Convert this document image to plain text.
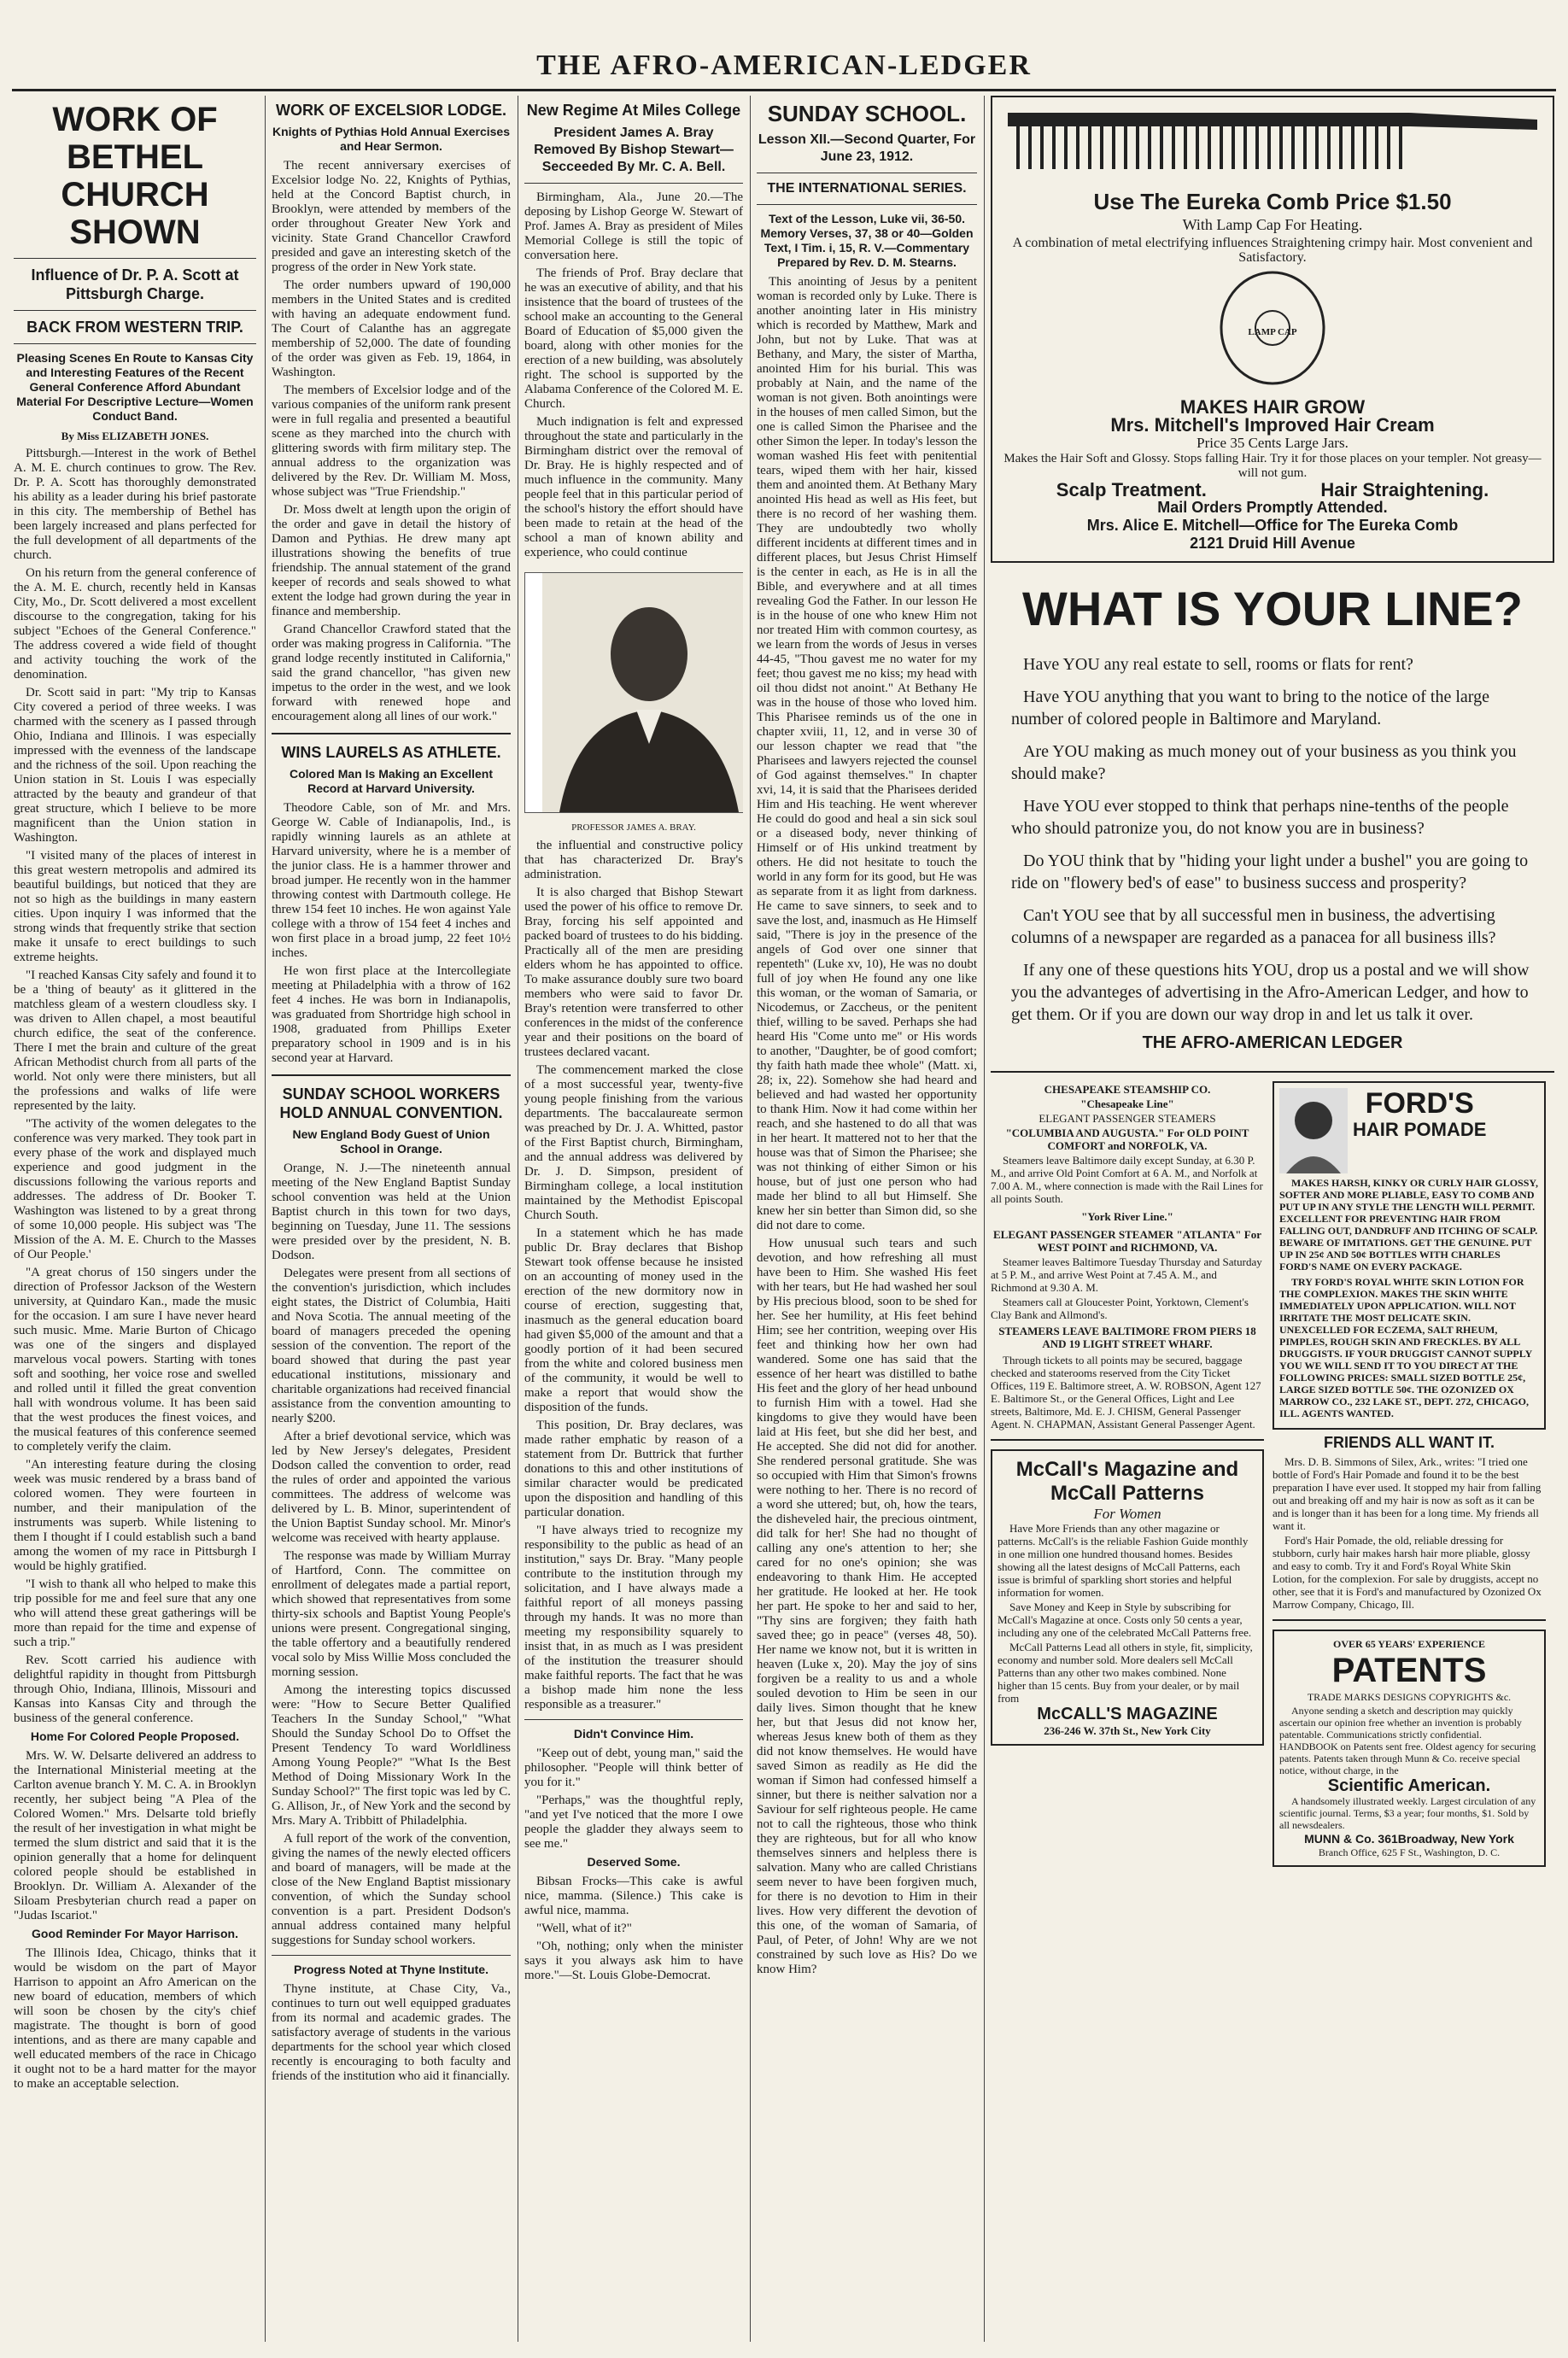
THE AFRO-AMERICAN-LEDGER

WORK OF BETHEL CHURCH SHOWN

Influence of Dr. P. A. Scott at Pittsburgh Charge.

BACK FROM WESTERN TRIP.

Pleasing Scenes En Route to Kansas City and Interesting Features of the Recent General Conference Afford Abundant Material For Descriptive Lecture—Women Conduct Band.

By Miss ELIZABETH JONES.

Pittsburgh.—Interest in the work of Bethel A. M. E. church continues to grow. The Rev. Dr. P. A. Scott has thoroughly demonstrated his ability as a leader during his brief pastorate in this city. The membership of Bethel has been largely increased and plans perfected for the full development of all departments of the church.

On his return from the general conference of the A. M. E. church, recently held in Kansas City, Mo., Dr. Scott delivered a most excellent discourse to the congregation, taking for his subject "Echoes of the General Conference." The address covered a wide field of thought and activity touching the work of the denomination.

Dr. Scott said in part: "My trip to Kansas City covered a period of three weeks. I was charmed with the scenery as I passed through Ohio, Indiana and Illinois. I was especially impressed with the evenness of the landscape and the richness of the soil. Upon reaching the Union station in St. Louis I was especially attracted by the beauty and grandeur of that great structure, which I believe to be more magnificent than the Union station in Washington.

"I visited many of the places of interest in this great western metropolis and admired its beautiful buildings, but noticed that they are not so high as the buildings in many eastern cities. Upon inquiry I was informed that the strong winds that frequently strike that section make it unsafe to erect buildings to such extreme heights.

"I reached Kansas City safely and found it to be a 'thing of beauty' as it glittered in the matchless gleam of a western cloudless sky. I was driven to Allen chapel, a most beautiful church edifice, the seat of the conference. There I met the brain and culture of the great African Methodist church from all parts of the world. Not only were there ministers, but all the professions and walks of life were represented by the laity.

"The activity of the women delegates to the conference was very marked. They took part in every phase of the work and displayed much experience and good judgment in the discussions following the various reports and addresses. The address of Dr. Booker T. Washington was listened to by a great throng of some 10,000 people. His subject was 'The Mission of the A. M. E. Church to the Masses of Our People.'

"A great chorus of 150 singers under the direction of Professor Jackson of the Western university, at Quindaro Kan., made the music for the occasion. I am sure I have never heard such music. Mme. Marie Burton of Chicago was one of the singers and displayed marvelous vocal powers. Starting with tones soft and soothing, her voice rose and swelled and rolled until it filled the great convention hall with wondrous volume. It has been said that the west produces the finest voices, and the musical features of this conference seemed to completely verify the claim.

"An interesting feature during the closing week was music rendered by a brass band of colored women. They were fourteen in number, and their manipulation of the instruments was superb. While listening to them I thought if I could establish such a band among the women of my race in Pittsburgh I would be highly gratified.

"I wish to thank all who helped to make this trip possible for me and feel sure that any one who will attend these great gatherings will be more than repaid for the time and expense of such a trip."

Rev. Scott carried his audience with delightful rapidity in thought from Pittsburgh through Ohio, Indiana, Illinois, Missouri and Kansas into Kansas City and through the business of the general conference.

Home For Colored People Proposed.

Mrs. W. W. Delsarte delivered an address to the International Ministerial meeting at the Carlton avenue branch Y. M. C. A. in Brooklyn recently, her subject being "A Plea of the Colored Women." Mrs. Delsarte told briefly the result of her investigation in what might be termed the slum district and said that it is the opinion generally that a home for delinquent colored people should be established in Brooklyn. Dr. William A. Alexander of the Siloam Presbyterian church read a paper on "Judas Iscariot."

Good Reminder For Mayor Harrison.

The Illinois Idea, Chicago, thinks that it would be wisdom on the part of Mayor Harrison to appoint an Afro American on the new board of education, members of which will soon be chosen by the city's chief magistrate. The thought is born of good intentions, and as there are many capable and well educated members of the race in Chicago it ought not to be a hard matter for the mayor to make an acceptable selection.

WORK OF EXCELSIOR LODGE.

Knights of Pythias Hold Annual Exercises and Hear Sermon.

The recent anniversary exercises of Excelsior lodge No. 22, Knights of Pythias, held at the Concord Baptist church, in Brooklyn, were attended by members of the order throughout Greater New York and vicinity. State Grand Chancellor Crawford presided and gave an interesting sketch of the progress of the order in New York state.

The order numbers upward of 190,000 members in the United States and is credited with having an adequate endowment fund. The Court of Calanthe has an aggregate membership of 52,000. The date of founding of the order was given as Feb. 19, 1864, in Washington.

The members of Excelsior lodge and of the various companies of the uniform rank present were in full regalia and presented a beautiful scene as they marched into the church with glittering swords with firm military step. The annual address to the organization was delivered by the Rev. Dr. William M. Moss, whose subject was "True Friendship."

Dr. Moss dwelt at length upon the origin of the order and gave in detail the history of Damon and Pythias. He drew many apt illustrations showing the benefits of true friendship. The annual statement of the grand keeper of records and seals showed to what extent the lodge had grown during the year in finance and membership.

Grand Chancellor Crawford stated that the order was making progress in California. "The grand lodge recently instituted in California," said the grand chancellor, "has given new impetus to the order in the west, and we look forward with renewed hope and encouragement along all lines of our work."

WINS LAURELS AS ATHLETE.

Colored Man Is Making an Excellent Record at Harvard University.

Theodore Cable, son of Mr. and Mrs. George W. Cable of Indianapolis, Ind., is rapidly winning laurels as an athlete at Harvard university, where he is a member of the junior class. He is a hammer thrower and broad jumper. He recently won in the hammer throwing contest with Dartmouth college. He threw 154 feet 10 inches. He won against Yale college with a throw of 154 feet 4 inches and won first place in a broad jump, 22 feet 10½ inches.

He won first place at the Intercollegiate meeting at Philadelphia with a throw of 162 feet 4 inches. He was born in Indianapolis, was graduated from Shortridge high school in 1908, graduated from Phillips Exeter preparatory school in 1909 and is in his second year at Harvard.

SUNDAY SCHOOL WORKERS HOLD ANNUAL CONVENTION.

New England Body Guest of Union School in Orange.

Orange, N. J.—The nineteenth annual meeting of the New England Baptist Sunday school convention was held at the Union Baptist church in this town for two days, beginning on Tuesday, June 11. The sessions were presided over by the president, N. B. Dodson.

Delegates were present from all sections of the convention's jurisdiction, which includes eight states, the District of Columbia, Haiti and Nova Scotia. The annual meeting of the board of managers preceded the opening session of the convention. The report of the board showed that during the past year educational institutions, missionary and charitable organizations had received financial assistance from the convention amounting to nearly $200.

After a brief devotional service, which was led by New Jersey's delegates, President Dodson called the convention to order, read the rules of order and appointed the various committees. The address of welcome was delivered by L. B. Minor, superintendent of the Union Baptist Sunday school. Mr. Minor's welcome was received with hearty applause.

The response was made by William Murray of Hartford, Conn. The committee on enrollment of delegates made a partial report, which showed that representatives from some thirty-six schools and Baptist Young People's unions were present. Congregational singing, the table offertory and a beautifully rendered vocal solo by Miss Willie Moss concluded the morning session.

Among the interesting topics discussed were: "How to Secure Better Qualified Teachers In the Sunday School," "What Should the Sunday School Do to Offset the Present Tendency To ward Worldliness Among Young People?" "What Is the Best Method of Doing Missionary Work In the Sunday School?" The first topic was led by C. G. Allison, Jr., of New York and the second by Mrs. Mary A. Tribbitt of Philadelphia.

A full report of the work of the convention, giving the names of the newly elected officers and board of managers, will be made at the close of the New England Baptist missionary convention, of which the Sunday school convention is a part. President Dodson's annual address contained many helpful suggestions for Sunday school workers.

Progress Noted at Thyne Institute.

Thyne institute, at Chase City, Va., continues to turn out well equipped graduates from its normal and academic grades. The satisfactory average of students in the various departments for the school year which closed recently is encouraging to both faculty and friends of the institution who aid it financially.

New Regime At Miles College

President James A. Bray Removed By Bishop Stewart—Secceeded By Mr. C. A. Bell.

Birmingham, Ala., June 20.—The deposing by Lishop George W. Stewart of Prof. James A. Bray as president of Miles Memorial College is still the topic of conversation here.

The friends of Prof. Bray declare that he was an executive of ability, and that his insistence that the board of trustees of the school make an accounting to the General Board of Education of $5,000 given the board, along with other monies for the erection of a new building, was absolutely right. The school is supported by the Alabama Conference of the Colored M. E. Church.

Much indignation is felt and expressed throughout the state and particularly in the Birmingham district over the removal of Dr. Bray. He is highly respected and of much influence in the community. Many people feel that in this particular period of the school's history the effort should have been made to retain at the head of the school a man of known ability and experience, who could continue

PROFESSOR JAMES A. BRAY.

the influential and constructive policy that has characterized Dr. Bray's administration.

It is also charged that Bishop Stewart used the power of his office to remove Dr. Bray, forcing his self appointed and packed board of trustees to do his bidding. Practically all of the men are presiding elders whom he has appointed to office. To make assurance doubly sure two board members who were said to favor Dr. Bray's retention were transferred to other conferences in the midst of the conference year and their positions on the board of trustees declared vacant.

The commencement marked the close of a most successful year, twenty-five young people finishing from the various departments. The baccalaureate sermon was preached by Dr. J. A. Whitted, pastor of the First Baptist church, Birmingham, and the annual address was delivered by Dr. J. D. Simpson, president of Birmingham college, a local institution maintained by the Methodist Episcopal Church South.

In a statement which he has made public Dr. Bray declares that Bishop Stewart took offense because he insisted on an accounting of money used in the erection of the new dormitory now in course of erection, suggesting that, inasmuch as the general education board had given $5,000 of the amount and that a goodly portion of it had been secured from the white and colored business men of the community, it would be well to make a report that would show the disposition of the funds.

This position, Dr. Bray declares, was made rather emphatic by reason of a statement from Dr. Buttrick that further donations to this and other institutions of similar character would be predicated upon the disposition and handling of this particular donation.

"I have always tried to recognize my responsibility to the public as head of an institution," says Dr. Bray. "Many people contribute to the institution through my solicitation, and I have always made a faithful report of all moneys passing through my hands. It was no more than meeting my responsibility squarely to insist that, in as much as I was president of the institution the treasurer should make faithful reports. The fact that he was a bishop made him none the less responsible as a treasurer."

Didn't Convince Him.

"Keep out of debt, young man," said the philosopher. "People will think better of you for it."

"Perhaps," was the thoughtful reply, "and yet I've noticed that the more I owe people the gladder they always seem to see me."

Deserved Some.

Bibsan Frocks—This cake is awful nice, mamma. (Silence.) This cake is awful nice, mamma.

"Well, what of it?"

"Oh, nothing; only when the minister says it you always ask him to have more."—St. Louis Globe-Democrat.

SUNDAY SCHOOL.

Lesson XII.—Second Quarter, For June 23, 1912.

THE INTERNATIONAL SERIES.

Text of the Lesson, Luke vii, 36-50. Memory Verses, 37, 38 or 40—Golden Text, I Tim. i, 15, R. V.—Commentary Prepared by Rev. D. M. Stearns.

This anointing of Jesus by a penitent woman is recorded only by Luke. There is another anointing later in His ministry which is recorded by Matthew, Mark and John, but not by Luke. That was at Bethany, and Mary, the sister of Martha, anointed Him for his burial. This was probably at Nain, and the name of the woman is not given. Both anointings were in the houses of men called Simon, but the one is called Simon the Pharisee and the other Simon the leper. In today's lesson the woman washed His feet with penitential tears, wiped them with her hair, kissed them and anointed them. At Bethany Mary anointed His head as well as His feet, but there is no record of her washing them. They are undoubtedly two wholly different incidents at different times and in different places, but Jesus Christ Himself is the center in each, as He is in all the Bible, and everywhere and at all times revealing God the Father. In our lesson He is in the house of one who knew Him not nor treated Him with common courtesy, as we learn from the words of Jesus in verses 44-45, "Thou gavest me no water for my feet; thou gavest me no kiss; my head with oil thou didst not anoint." At Bethany He was in the house of those who loved him. This Pharisee reminds us of the one in chapter xviii, 11, 12, and in verse 30 of our lesson chapter we read that "the Pharisees and lawyers rejected the counsel of God against themselves." In chapter xvi, 14, it is said that the Pharisees derided Him and His teaching. He went wherever He could do good and heal a sin sick soul or a diseased body, never thinking of Himself or of His unkind treatment by others. He did not hesitate to touch the world in any form for its good, but He was as separate from it as light from darkness. He came to save sinners, to seek and to save the lost, and, inasmuch as He Himself said, "There is joy in the presence of the angels of God over one sinner that repenteth" (Luke xv, 10), He was no doubt full of joy when He found any one like this woman, or the woman of Samaria, or Nicodemus, or Zaccheus, or the penitent thief, willing to be saved. Perhaps she had heard His "Come unto me" or His words to another, "Daughter, be of good comfort; thy faith hath made thee whole" (Matt. xi, 28; ix, 22). Somehow she had heard and believed and had wasted her opportunity to thank Him. Now it had come within her reach, and she hastened to do all that was in her heart. It mattered not to her that the house was that of Simon the Pharisee; she was not thinking of either Simon or his house, but of just one person who had made her blind to all but Himself. She knew her sin better than Simon did, so she did not dare to come.

How unusual such tears and such devotion, and how refreshing all must have been to Him. She washed His feet with her tears, but He had washed her soul by His precious blood, soon to be shed for her. See her humility, at His feet behind Him; see her contrition, weeping over His feet and thinking how her own had wandered. Some one has said that the essence of her heart was distilled to bathe His feet and the glory of her head unbound to furnish Him with a towel. Had she kingdoms to give they would have been laid at His feet, but she did her best, and He accepted. She did not did for another. She rendered personal gratitude. She was so occupied with Him that Simon's frowns were nothing to her. There is no record of a word she uttered; but, oh, how the tears, the disheveled hair, the precious ointment, did talk for her! She had no thought of calling any one's attention to her; she cared for no one's opinion; she was endeavoring to thank Him. He accepted her gratitude. He looked at her. He took her part. He spoke to her and said to her, "Thy sins are forgiven; they faith hath saved thee; go in peace" (verses 48, 50). Her name we know not, but it is written in heaven (Luke x, 20). May the joy of sins forgiven be a reality to us and a whole souled devotion to Him be seen in our daily lives. Simon thought that he knew her, but that Jesus did not know her, whereas Jesus knew both of them as they did not know themselves. He would have saved Simon as readily as He did the woman if Simon had confessed himself a sinner, but there is neither salvation nor a Saviour for self righteous people. He came not to call the righteous, those who think they are righteous, but for all who know themselves sinners and helpless there is salvation. Many who are called Christians seem never to have been forgiven much, for there is no devotion to Him in their lives. How very different the devotion of this one, of the woman of Samaria, of Paul, of Peter, of John! Why are we not constrained by such love as His? Do we know Him?

Use The Eureka Comb Price $1.50

With Lamp Cap For Heating.

A combination of metal electrifying influences Straightening crimpy hair. Most convenient and Satisfactory.

LAMP CAP

MAKES HAIR GROW

Mrs. Mitchell's Improved Hair Cream

Price 35 Cents Large Jars.

Makes the Hair Soft and Glossy. Stops falling Hair. Try it for those places on your templer. Not greasy—will not gum.

Scalp Treatment.	Hair Straightening.

Mail Orders Promptly Attended.

Mrs. Alice E. Mitchell—Office for The Eureka Comb

2121 Druid Hill Avenue

WHAT IS YOUR LINE?

Have YOU any real estate to sell, rooms or flats for rent?

Have YOU anything that you want to bring to the notice of the large number of colored people in Baltimore and Maryland.

Are YOU making as much money out of your business as you think you should make?

Have YOU ever stopped to think that perhaps nine-tenths of the people who should patronize you, do not know you are in business?

Do YOU think that by "hiding your light under a bushel" you are going to ride on "flowery bed's of ease" to business success and prosperity?

Can't YOU see that by all successful men in business, the advertising columns of a newspaper are regarded as a panacea for all business ills?

If any one of these questions hits YOU, drop us a postal and we will show you the advanteges of advertising in the Afro-American Ledger, and how to get them. Or if you are down our way drop in and let us talk it over.

THE AFRO-AMERICAN LEDGER

CHESAPEAKE STEAMSHIP CO.

"Chesapeake Line"

ELEGANT PASSENGER STEAMERS

"COLUMBIA AND AUGUSTA." For OLD POINT COMFORT and NORFOLK, VA.

Steamers leave Baltimore daily except Sunday, at 6.30 P. M., and arrive Old Point Comfort at 6 A. M., and Norfolk at 7.00 A. M., where connection is made with the Rail Lines for all points South.

"York River Line."

ELEGANT PASSENGER STEAMER "ATLANTA" For WEST POINT and RICHMOND, VA.

Steamer leaves Baltimore Tuesday Thursday and Saturday at 5 P. M., and arrive West Point at 7.45 A. M., and Richmond at 9.30 A. M.

Steamers call at Gloucester Point, Yorktown, Clement's Clay Bank and Allmond's.

STEAMERS LEAVE BALTIMORE FROM PIERS 18 AND 19 LIGHT STREET WHARF.

Through tickets to all points may be secured, baggage checked and staterooms reserved from the City Ticket Offices, 119 E. Baltimore street, A. W. ROBSON, Agent 127 E. Baltimore St., or the General Offices, Light and Lee streets, Baltimore, Md. E. J. CHISM, General Passenger Agent. N. CHAPMAN, Assistant General Passenger Agent.

McCall's Magazine and McCall Patterns

For Women

Have More Friends than any other magazine or patterns. McCall's is the reliable Fashion Guide monthly in one million one hundred thousand homes. Besides showing all the latest designs of McCall Patterns, each issue is brimful of sparkling short stories and helpful information for women.

Save Money and Keep in Style by subscribing for McCall's Magazine at once. Costs only 50 cents a year, including any one of the celebrated McCall Patterns free.

McCall Patterns Lead all others in style, fit, simplicity, economy and number sold. More dealers sell McCall Patterns than any other two makes combined. None higher than 15 cents. Buy from your dealer, or by mail from

McCALL'S MAGAZINE

236-246 W. 37th St., New York City

FORD'S

HAIR POMADE

MAKES HARSH, KINKY OR CURLY HAIR GLOSSY, SOFTER AND MORE PLIABLE, EASY TO COMB AND PUT UP IN ANY STYLE THE LENGTH WILL PERMIT. EXCELLENT FOR PREVENTING HAIR FROM FALLING OUT, DANDRUFF AND ITCHING OF SCALP. BEWARE OF IMITATIONS. GET THE GENUINE. PUT UP IN 25¢ AND 50¢ BOTTLES WITH CHARLES FORD'S NAME ON EVERY PACKAGE.

TRY FORD'S ROYAL WHITE SKIN LOTION FOR THE COMPLEXION. MAKES THE SKIN WHITE IMMEDIATELY UPON APPLICATION. WILL NOT IRRITATE THE MOST DELICATE SKIN. UNEXCELLED FOR ECZEMA, SALT RHEUM, PIMPLES, ROUGH SKIN AND FRECKLES. BY ALL DRUGGISTS. IF YOUR DRUGGIST CANNOT SUPPLY YOU WE WILL SEND IT TO YOU DIRECT AT THE FOLLOWING PRICES: SMALL SIZED BOTTLE 25¢, LARGE SIZED BOTTLE 50¢. THE OZONIZED OX MARROW CO., 232 LAKE ST., DEPT. 272, CHICAGO, ILL. AGENTS WANTED.

FRIENDS ALL WANT IT.

Mrs. D. B. Simmons of Silex, Ark., writes: "I tried one bottle of Ford's Hair Pomade and found it to be the best preparation I have ever used. It stopped my hair from falling out and breaking off and my hair is now as soft as it can be and is longer than it has been for a long time. My friends all want it.

Ford's Hair Pomade, the old, reliable dressing for stubborn, curly hair makes harsh hair more pliable, glossy and easy to comb. Try it and Ford's Royal White Skin Lotion, for the complexion. For sale by druggists, accept no other, see that it is Ford's and manufactured by Ozonized Ox Marrow Company, Chicago, Ill.

OVER 65 YEARS' EXPERIENCE

PATENTS

TRADE MARKS DESIGNS COPYRIGHTS &c.

Anyone sending a sketch and description may quickly ascertain our opinion free whether an invention is probably patentable. Communications strictly confidential. HANDBOOK on Patents sent free. Oldest agency for securing patents. Patents taken through Munn & Co. receive special notice, without charge, in the

Scientific American.

A handsomely illustrated weekly. Largest circulation of any scientific journal. Terms, $3 a year; four months, $1. Sold by all newsdealers.

MUNN & Co. 361Broadway, New York

Branch Office, 625 F St., Washington, D. C.
